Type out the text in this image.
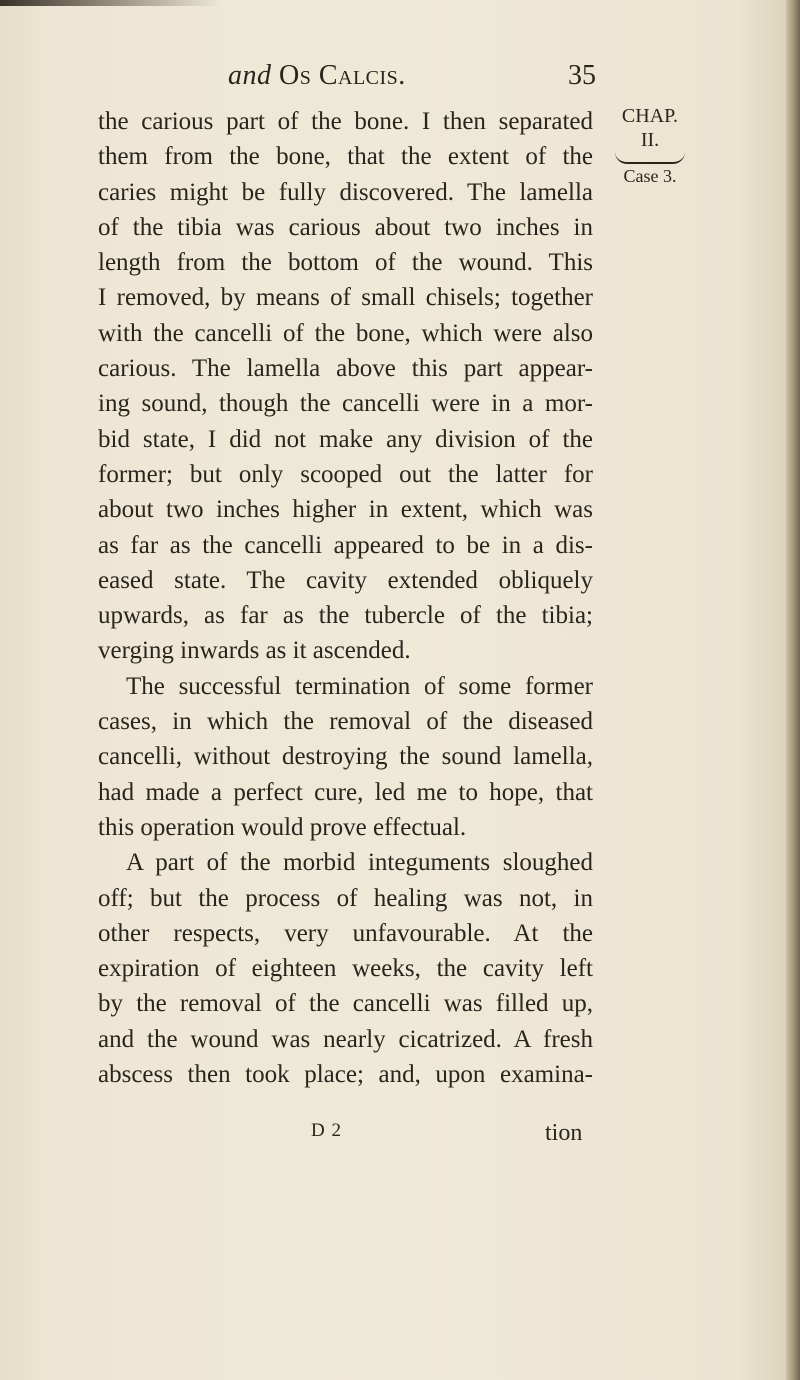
and Os Calcis.	35
CHAP.
II.
Case 3.
the carious part of the bone. I then separated
them from the bone, that the extent of the
caries might be fully discovered. The lamella
of the tibia was carious about two inches in
length from the bottom of the wound. This
I removed, by means of small chisels; together
with the cancelli of the bone, which were also
carious. The lamella above this part appear-
ing sound, though the cancelli were in a mor-
bid state, I did not make any division of the
former; but only scooped out the latter for
about two inches higher in extent, which was
as far as the cancelli appeared to be in a dis-
eased state. The cavity extended obliquely
upwards, as far as the tubercle of the tibia;
verging inwards as it ascended.
The successful termination of some former
cases, in which the removal of the diseased
cancelli, without destroying the sound lamella,
had made a perfect cure, led me to hope, that
this operation would prove effectual.
A part of the morbid integuments sloughed
off; but the process of healing was not, in
other respects, very unfavourable. At the
expiration of eighteen weeks, the cavity left
by the removal of the cancelli was filled up,
and the wound was nearly cicatrized. A fresh
abscess then took place; and, upon examina-
D 2	tion
